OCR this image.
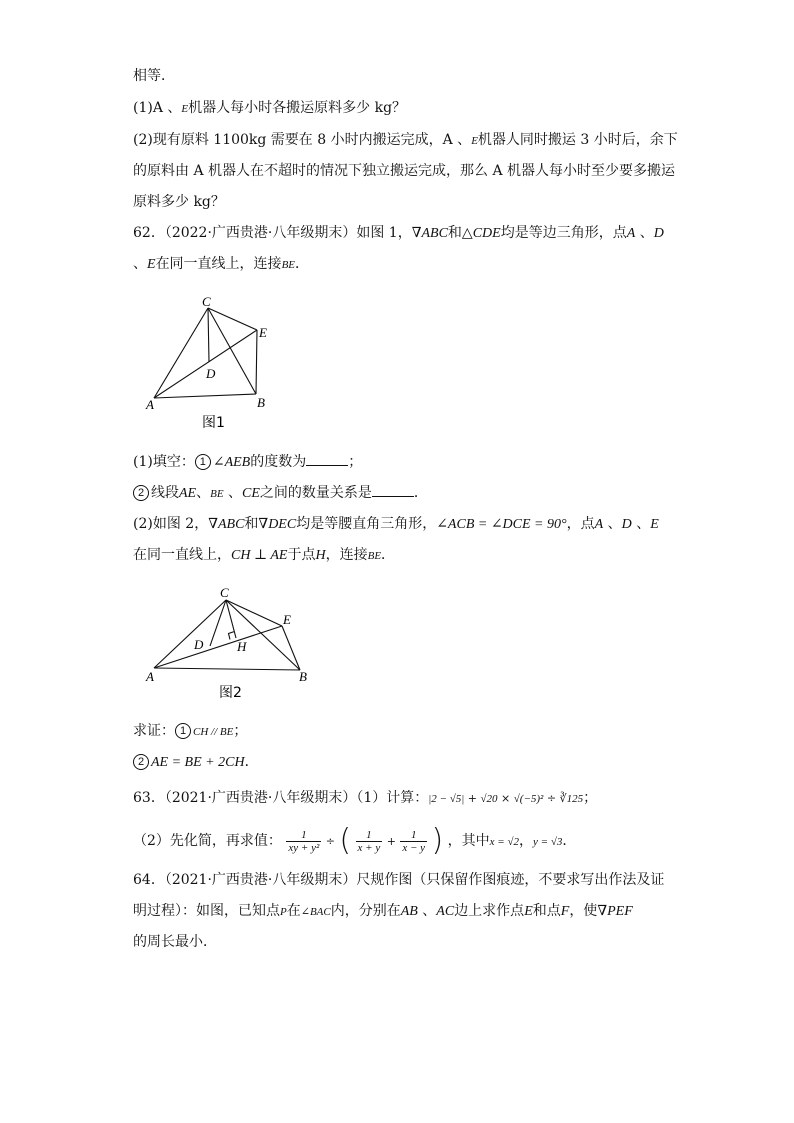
相等．
(1)A 、E机器人每小时各搬运原料多少 kg？
(2)现有原料 1100kg 需要在 8 小时内搬运完成，A 、E机器人同时搬运 3 小时后，余下
的原料由 A 机器人在不超时的情况下独立搬运完成，那么 A 机器人每小时至少要多搬运
原料多少 kg？
62．（2022·广西贵港·八年级期末）如图 1，∇ABC和△CDE均是等边三角形，点A 、D
、E在同一直线上，连接BE．
C
E
D
A	B
图1
(1)填空： 1 ∠AEB的度数为	；
2 线段AE、BE 、CE之间的数量关系是	．
(2)如图 2，∇ABC和∇DEC均是等腰直角三角形，∠ACB = ∠DCE = 90°，点A 、D 、E
在同一直线上，CH ⊥ AE于点H，连接BE．
C
E
D	H
A	B
图2
求证： 1 CH // BE；
2 AE = BE + 2CH．
63．（2021·广西贵港·八年级期末）（1）计算：|2 − √5| + √20 × √(−5)² ÷ ∛125；
（2）先化简，再求值： $\frac{1}{\text{xy + y²}}$ ÷ ( $\frac{1}{x + y} + \frac{1}{x - y}$ ) ，其中x = √2，y = √3．
64．（2021·广西贵港·八年级期末）尺规作图（只保留作图痕迹，不要求写出作法及证
明过程）：如图，已知点P在∠BAC内，分别在AB 、AC边上求作点E和点F，使∇PEF
的周长最小．
